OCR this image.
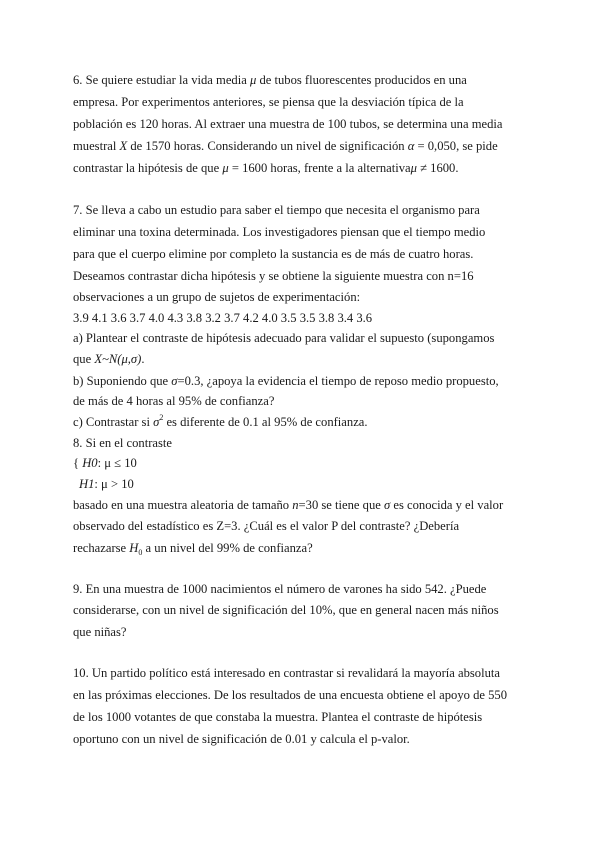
6. Se quiere estudiar la vida media μ de tubos fluorescentes producidos en una
empresa. Por experimentos anteriores, se piensa que la desviación típica de la
población es 120 horas. Al extraer una muestra de 100 tubos, se determina una media
muestral X de 1570 horas. Considerando un nivel de significación α = 0,050, se pide
contrastar la hipótesis de que μ = 1600 horas, frente a la alternativaμ ≠ 1600.
7. Se lleva a cabo un estudio para saber el tiempo que necesita el organismo para
eliminar una toxina determinada. Los investigadores piensan que el tiempo medio
para que el cuerpo elimine por completo la sustancia es de más de cuatro horas.
Deseamos contrastar dicha hipótesis y se obtiene la siguiente muestra con n=16
observaciones a un grupo de sujetos de experimentación:
3.9 4.1 3.6 3.7 4.0 4.3 3.8 3.2 3.7 4.2 4.0 3.5 3.5 3.8 3.4 3.6
a) Plantear el contraste de hipótesis adecuado para validar el supuesto (supongamos
que X~N(μ,σ).
b) Suponiendo que σ=0.3, ¿apoya la evidencia el tiempo de reposo medio propuesto,
de más de 4 horas al 95% de confianza?
c) Contrastar si $\sigma^2$ es diferente de 0.1 al 95% de confianza.
8. Si en el contraste
{ H0: μ ≤ 10
H1: μ > 10
basado en una muestra aleatoria de tamaño n=30 se tiene que σ es conocida y el valor
observado del estadístico es Z=3. ¿Cuál es el valor P del contraste? ¿Debería
rechazarse $H_0$ a un nivel del 99% de confianza?
9. En una muestra de 1000 nacimientos el número de varones ha sido 542. ¿Puede
considerarse, con un nivel de significación del 10%, que en general nacen más niños
que niñas?
10. Un partido político está interesado en contrastar si revalidará la mayoría absoluta
en las próximas elecciones. De los resultados de una encuesta obtiene el apoyo de 550
de los 1000 votantes de que constaba la muestra. Plantea el contraste de hipótesis
oportuno con un nivel de significación de 0.01 y calcula el p-valor.
